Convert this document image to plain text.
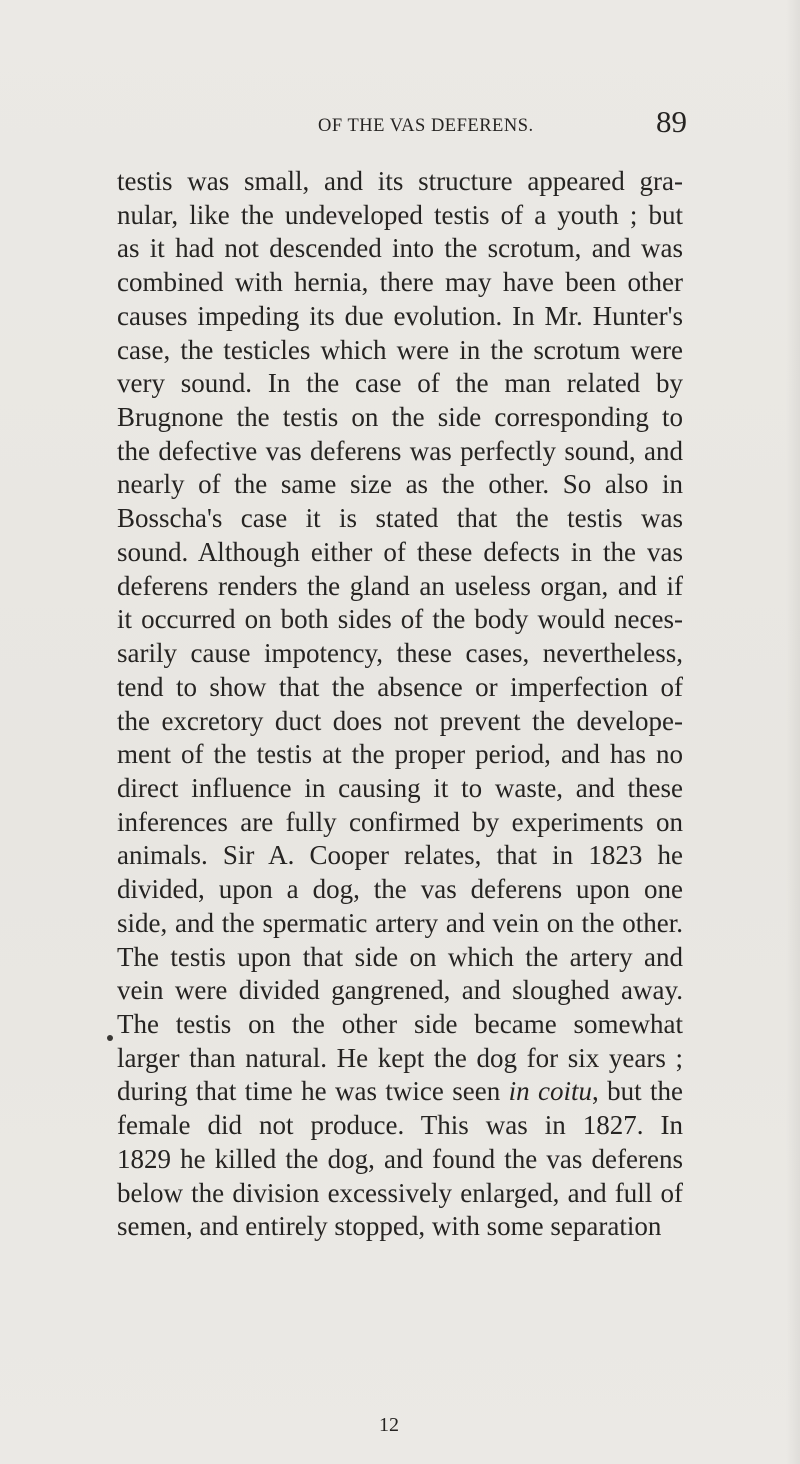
OF THE VAS DEFERENS.	89
testis was small, and its structure appeared gra-
nular, like the undeveloped testis of a youth ; but
as it had not descended into the scrotum, and was
combined with hernia, there may have been other
causes impeding its due evolution. In Mr. Hunter's
case, the testicles which were in the scrotum were
very sound. In the case of the man related by
Brugnone the testis on the side corresponding to
the defective vas deferens was perfectly sound, and
nearly of the same size as the other. So also in
Bosscha's case it is stated that the testis was
sound. Although either of these defects in the vas
deferens renders the gland an useless organ, and if
it occurred on both sides of the body would neces-
sarily cause impotency, these cases, nevertheless,
tend to show that the absence or imperfection of
the excretory duct does not prevent the develope-
ment of the testis at the proper period, and has no
direct influence in causing it to waste, and these
inferences are fully confirmed by experiments on
animals. Sir A. Cooper relates, that in 1823 he
divided, upon a dog, the vas deferens upon one
side, and the spermatic artery and vein on the other.
The testis upon that side on which the artery and
vein were divided gangrened, and sloughed away.
The testis on the other side became somewhat
larger than natural. He kept the dog for six years ;
during that time he was twice seen in coitu, but the
female did not produce. This was in 1827. In
1829 he killed the dog, and found the vas deferens
below the division excessively enlarged, and full of
semen, and entirely stopped, with some separation
12
